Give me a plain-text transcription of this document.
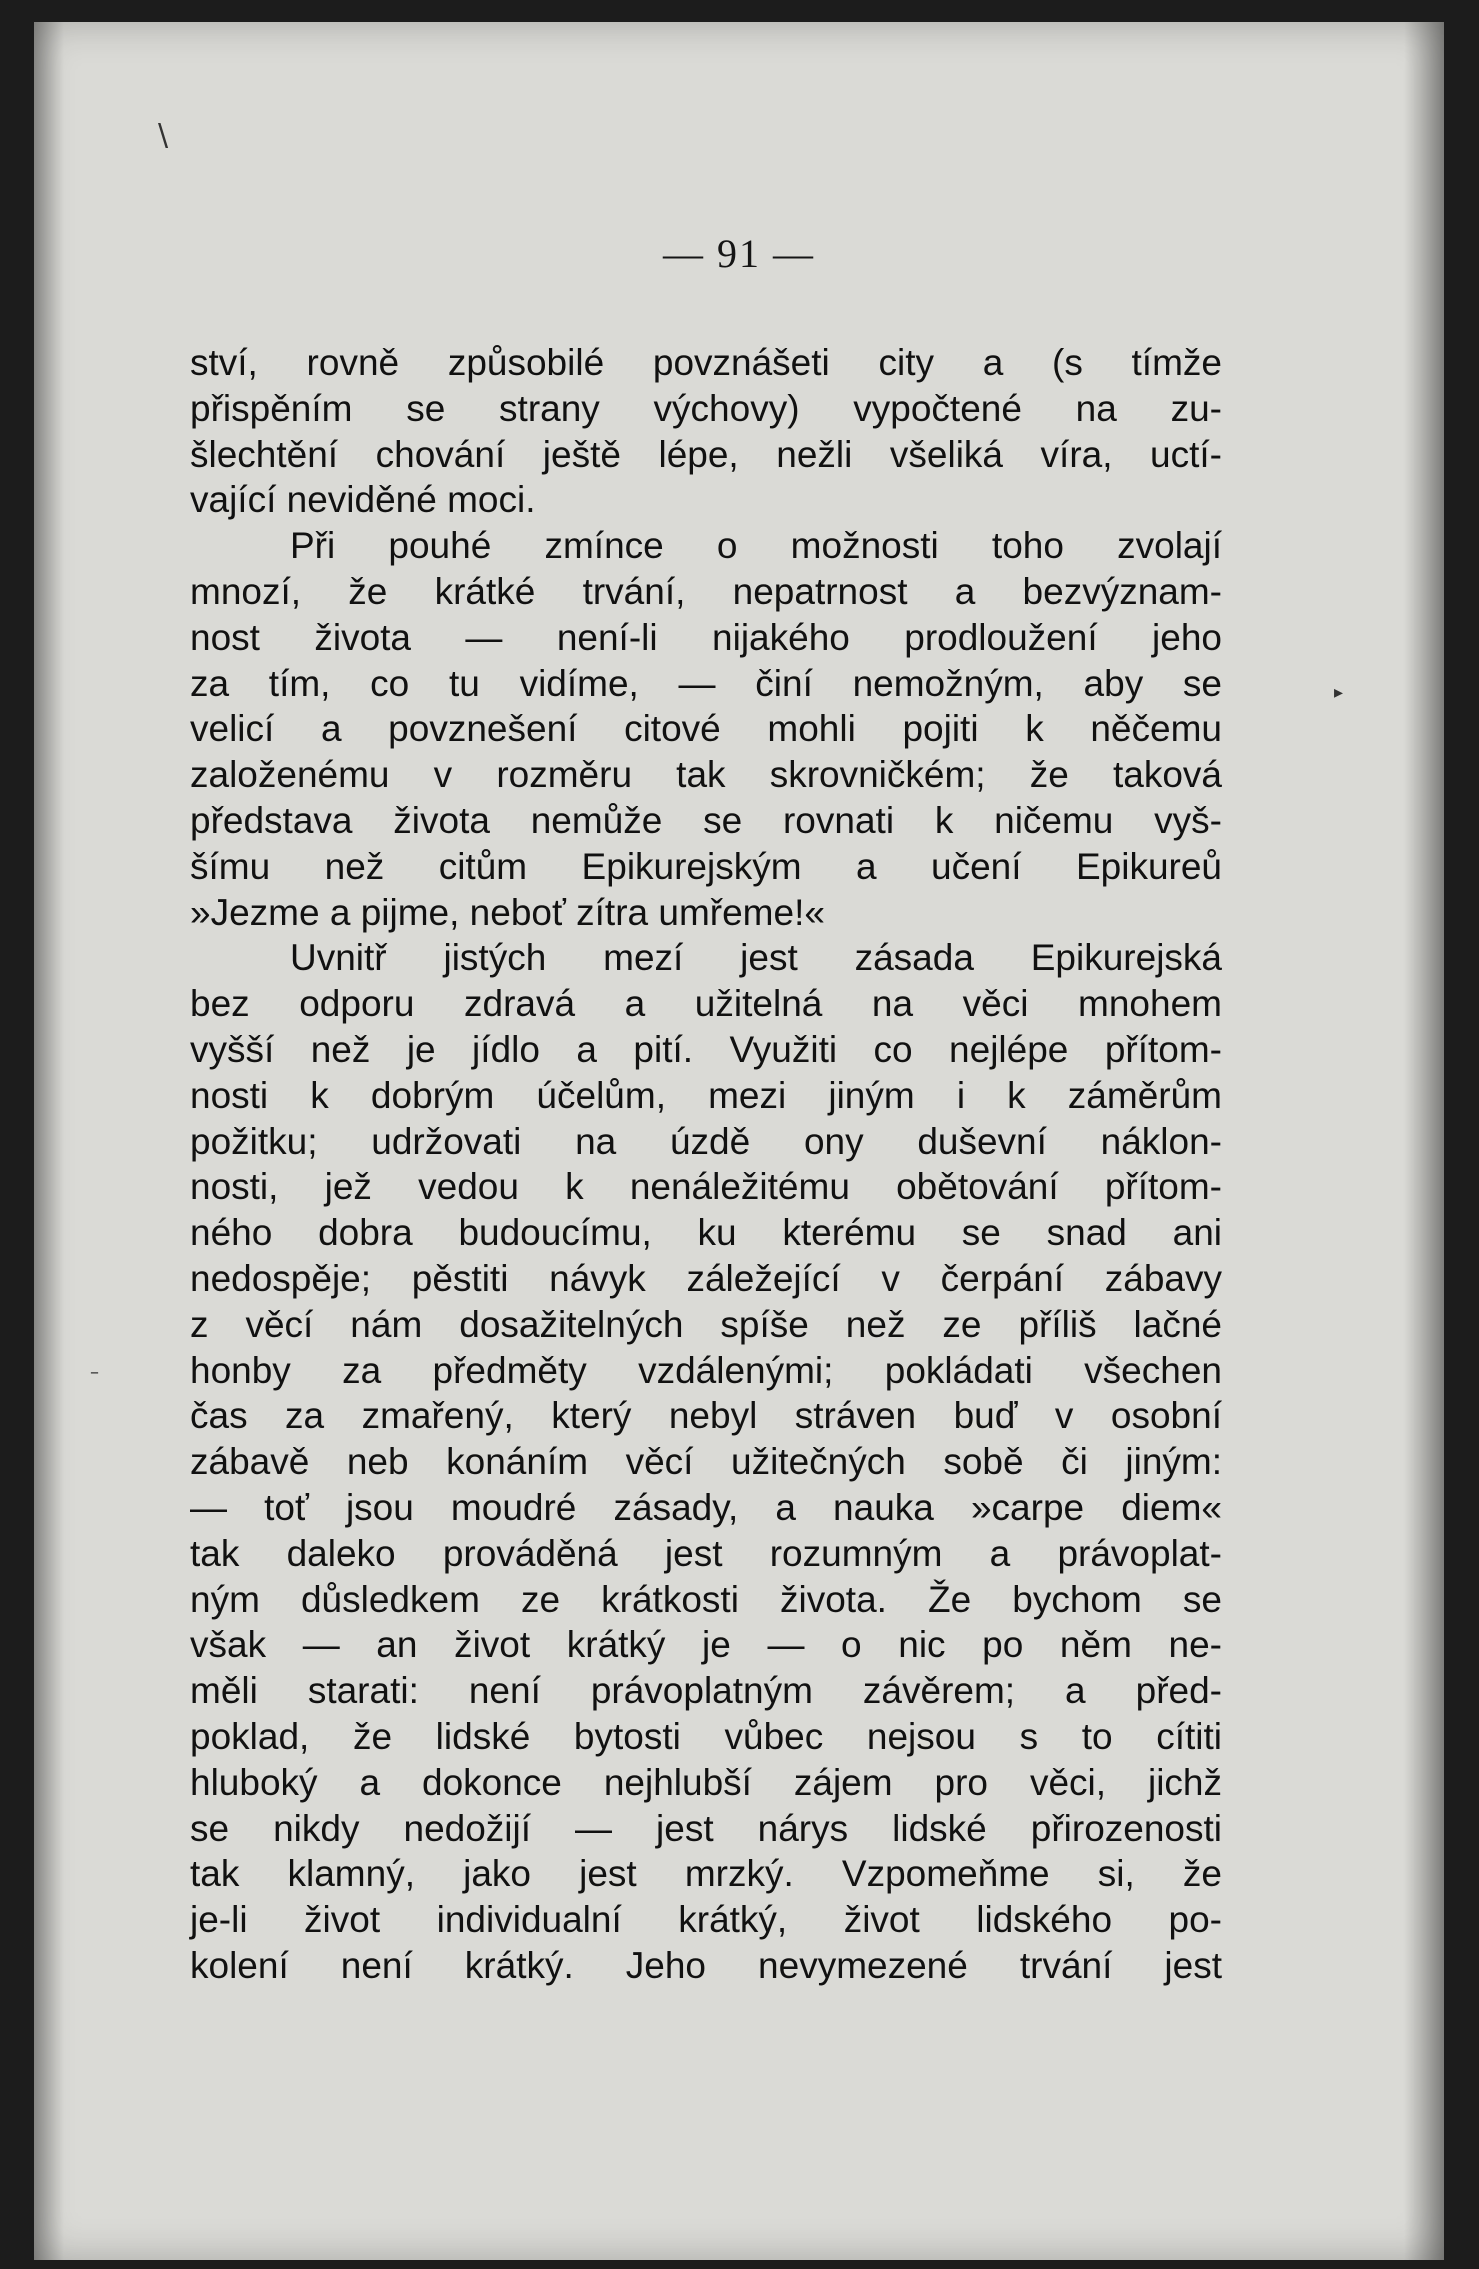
— 91 —
ství, rovně způsobilé povznášeti city a (s tímže
přispěním se strany výchovy) vypočtené na zu-
šlechtění chování ještě lépe, nežli všeliká víra, uctí-
vající neviděné moci.
Při pouhé zmínce o možnosti toho zvolají
mnozí, že krátké trvání, nepatrnost a bezvýznam-
nost života — není-li nijakého prodloužení jeho
za tím, co tu vidíme, — činí nemožným, aby se
velicí a povznešení citové mohli pojiti k něčemu
založenému v rozměru tak skrovničkém; že taková
představa života nemůže se rovnati k ničemu vyš-
šímu než citům Epikurejským a učení Epikureů
»Jezme a pijme, neboť zítra umřeme!«
Uvnitř jistých mezí jest zásada Epikurejská
bez odporu zdravá a užitelná na věci mnohem
vyšší než je jídlo a pití. Využiti co nejlépe přítom-
nosti k dobrým účelům, mezi jiným i k záměrům
požitku; udržovati na úzdě ony duševní náklon-
nosti, jež vedou k nenáležitému obětování přítom-
ného dobra budoucímu, ku kterému se snad ani
nedospěje; pěstiti návyk záležející v čerpání zábavy
z věcí nám dosažitelných spíše než ze příliš lačné
honby za předměty vzdálenými; pokládati všechen
čas za zmařený, který nebyl stráven buď v osobní
zábavě neb konáním věcí užitečných sobě či jiným:
— toť jsou moudré zásady, a nauka »carpe diem«
tak daleko prováděná jest rozumným a právoplat-
ným důsledkem ze krátkosti života. Že bychom se
však — an život krátký je — o nic po něm ne-
měli starati: není právoplatným závěrem; a před-
poklad, že lidské bytosti vůbec nejsou s to cítiti
hluboký a dokonce nejhlubší zájem pro věci, jichž
se nikdy nedožijí — jest nárys lidské přirozenosti
tak klamný, jako jest mrzký. Vzpomeňme si, že
je-li život individualní krátký, život lidského po-
kolení není krátký. Jeho nevymezené trvání jest
\
▸
–
